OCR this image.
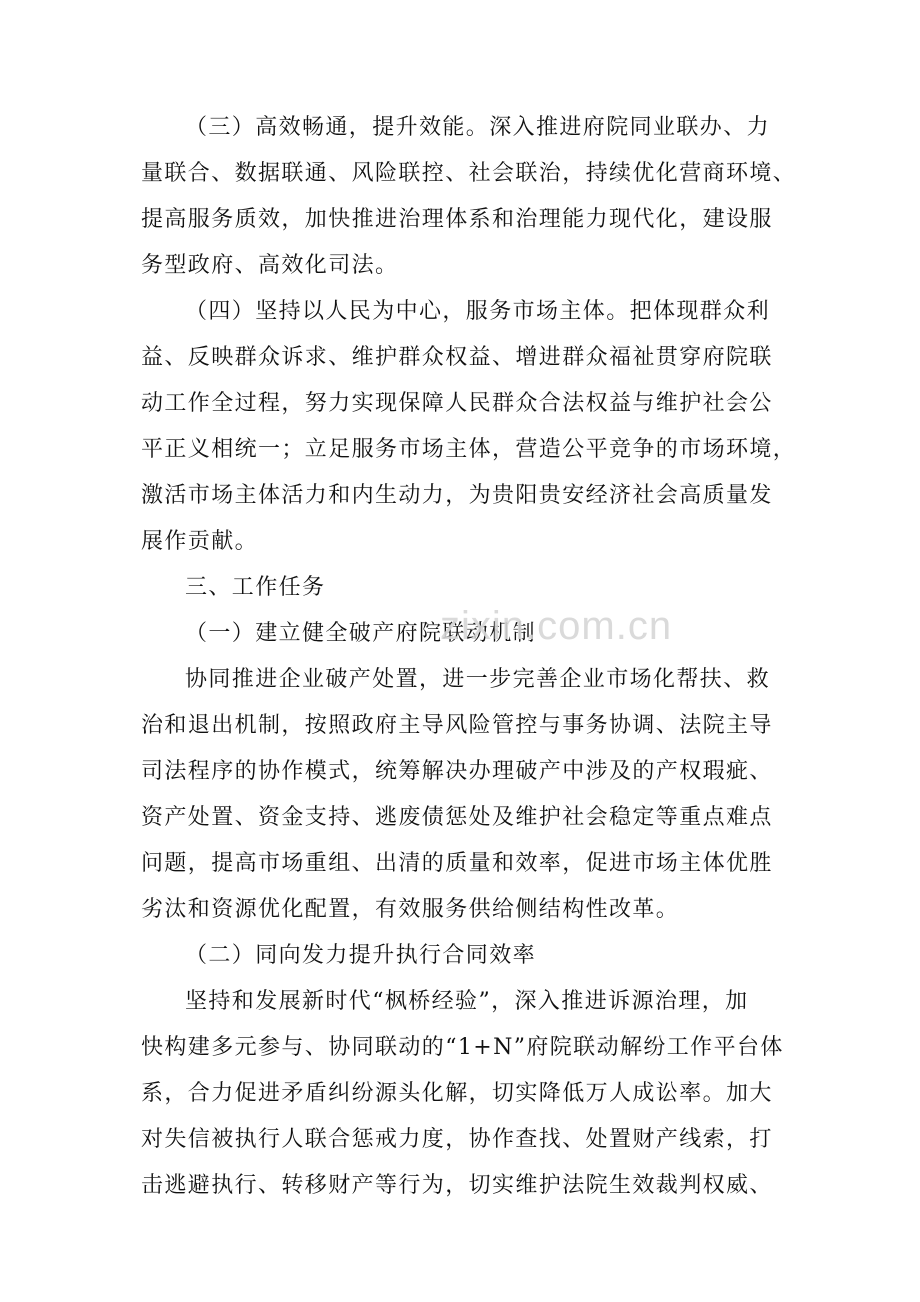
（三）高效畅通，提升效能。深入推进府院同业联办、力
量联合、数据联通、风险联控、社会联治，持续优化营商环境、
提高服务质效，加快推进治理体系和治理能力现代化，建设服
务型政府、高效化司法。
（四）坚持以人民为中心，服务市场主体。把体现群众利
益、反映群众诉求、维护群众权益、增进群众福祉贯穿府院联
动工作全过程，努力实现保障人民群众合法权益与维护社会公
平正义相统一；立足服务市场主体，营造公平竞争的市场环境，
激活市场主体活力和内生动力，为贵阳贵安经济社会高质量发
展作贡献。
三、工作任务
（一）建立健全破产府院联动机制
协同推进企业破产处置，进一步完善企业市场化帮扶、救
治和退出机制，按照政府主导风险管控与事务协调、法院主导
司法程序的协作模式，统筹解决办理破产中涉及的产权瑕疵、
资产处置、资金支持、逃废债惩处及维护社会稳定等重点难点
问题，提高市场重组、出清的质量和效率，促进市场主体优胜
劣汰和资源优化配置，有效服务供给侧结构性改革。
（二）同向发力提升执行合同效率
坚持和发展新时代“枫桥经验”，深入推进诉源治理，加
快构建多元参与、协同联动的“1+N”府院联动解纷工作平台体
系，合力促进矛盾纠纷源头化解，切实降低万人成讼率。加大
对失信被执行人联合惩戒力度，协作查找、处置财产线索，打
击逃避执行、转移财产等行为，切实维护法院生效裁判权威、
zixin.com.cn
